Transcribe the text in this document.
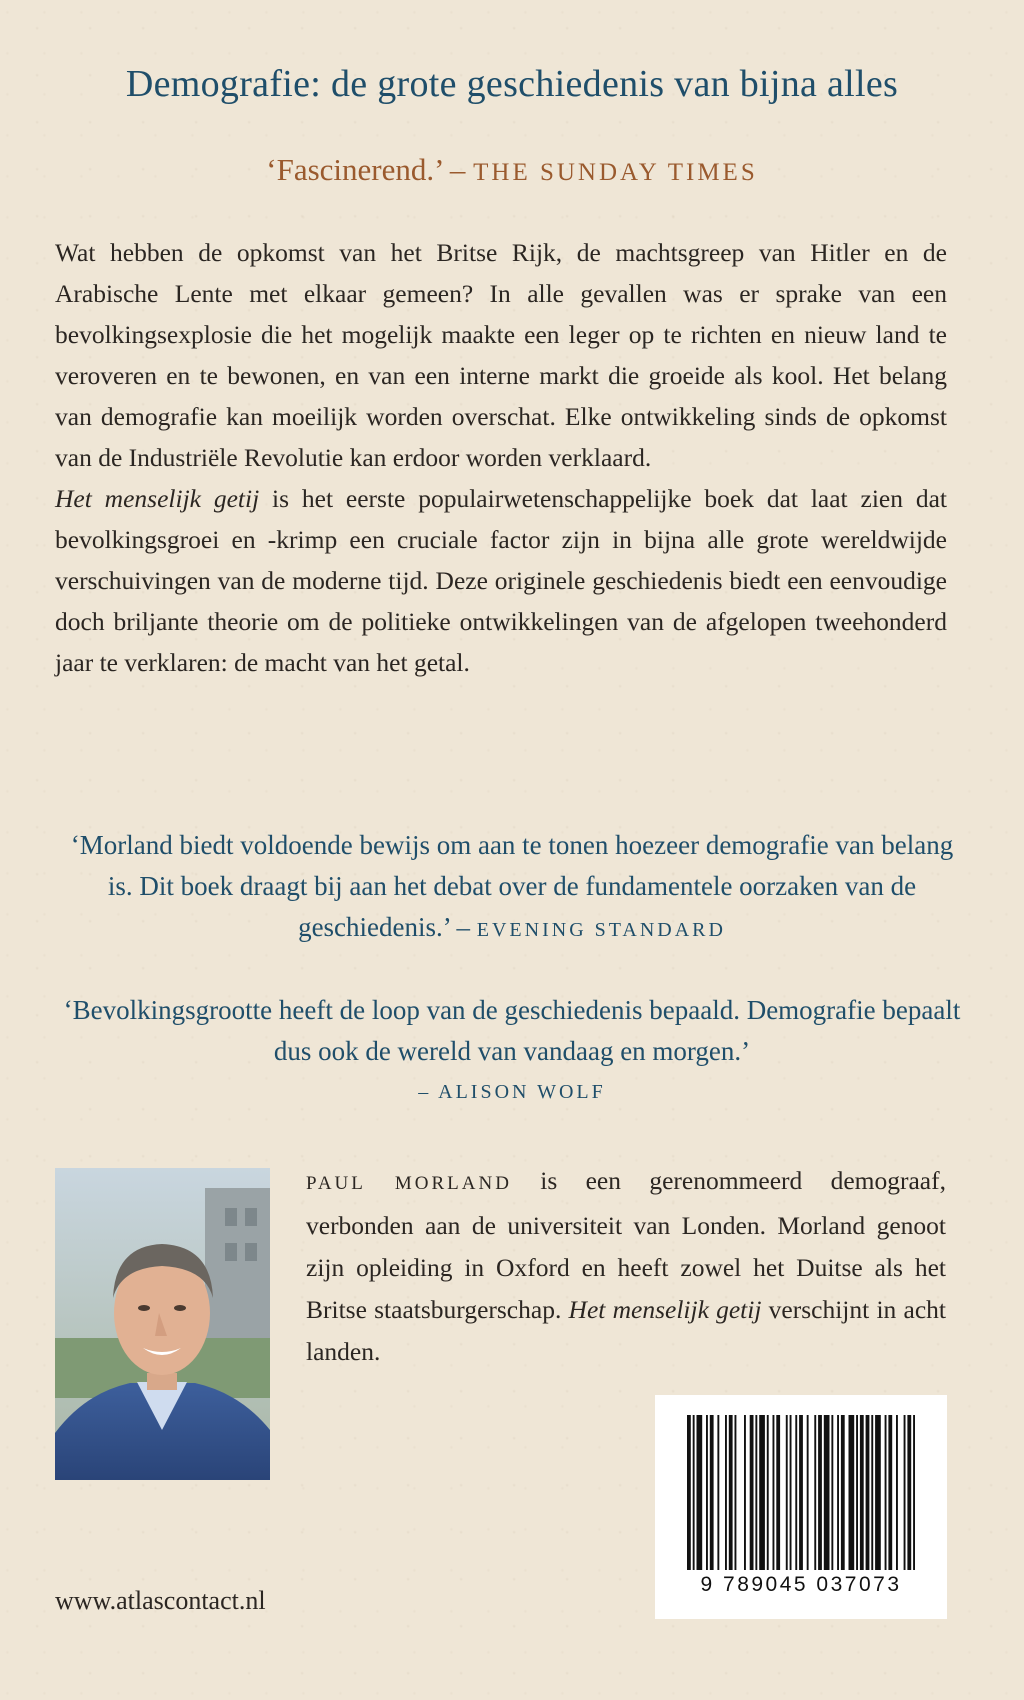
Demografie: de grote geschiedenis van bijna alles
‘Fascinerend.’ – THE SUNDAY TIMES

Wat hebben de opkomst van het Britse Rijk, de machtsgreep van Hitler en de Arabische Lente met elkaar gemeen? In alle gevallen was er sprake van een bevolkingsexplosie die het mogelijk maakte een leger op te richten en nieuw land te veroveren en te bewonen, en van een interne markt die groeide als kool. Het belang van demografie kan moeilijk worden overschat. Elke ontwikkeling sinds de opkomst van de Industriële Revolutie kan erdoor worden verklaard.

Het menselijk getij is het eerste populairwetenschappelijke boek dat laat zien dat bevolkingsgroei en -krimp een cruciale factor zijn in bijna alle grote wereldwijde verschuivingen van de moderne tijd. Deze originele geschiedenis biedt een eenvoudige doch briljante theorie om de politieke ontwikkelingen van de afgelopen tweehonderd jaar te verklaren: de macht van het getal.

‘Morland biedt voldoende bewijs om aan te tonen hoezeer demografie van belang is. Dit boek draagt bij aan het debat over de fundamentele oorzaken van de geschiedenis.’ – EVENING STANDARD
‘Bevolkingsgrootte heeft de loop van de geschiedenis bepaald. Demografie bepaalt dus ook de wereld van vandaag en morgen.’
– ALISON WOLF
PAUL MORLAND is een gerenommeerd demograaf, verbonden aan de universiteit van Londen. Morland genoot zijn opleiding in Oxford en heeft zowel het Duitse als het Britse staatsburgerschap. Het menselijk getij verschijnt in acht landen.
9 789045 037073
www.atlascontact.nl
